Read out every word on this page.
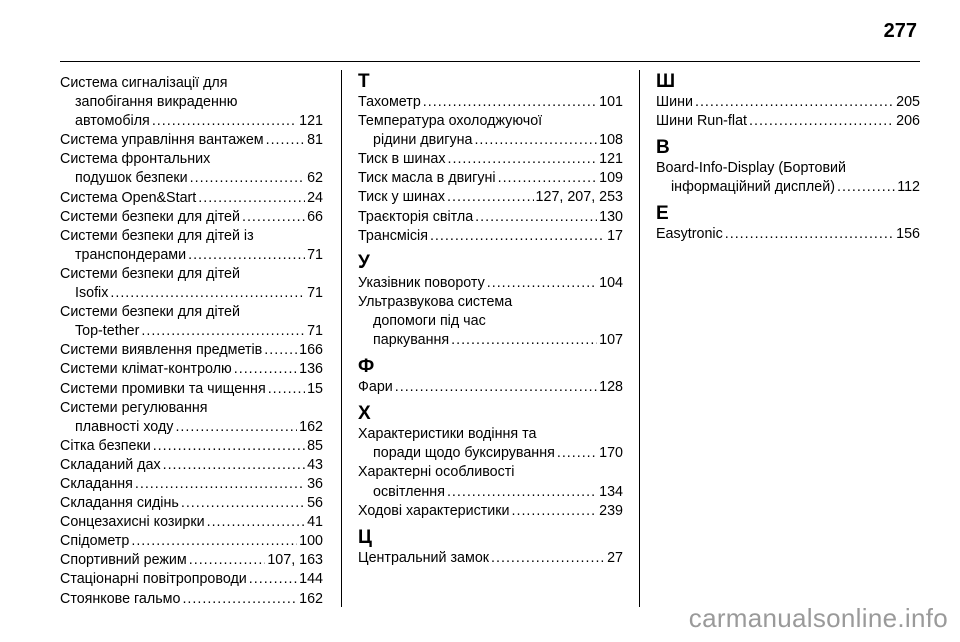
277
Система сигналізації для
запобігання викраденню
автомобіля .....	121
Система управління вантажем .....	81
Система фронтальних
подушок безпеки .....	62
Система Open&Start .....	24
Системи безпеки для дітей .....	66
Системи безпеки для дітей із
транспондерами .....	71
Системи безпеки для дітей
Isofix .....	71
Системи безпеки для дітей
Top-tether .....	71
Системи виявлення предметів .....	166
Системи клімат-контролю .....	136
Системи промивки та чищення .....	15
Системи регулювання
плавності ходу .....	162
Сітка безпеки .....	85
Складаний дах .....	43
Складання .....	36
Складання сидінь .....	56
Сонцезахисні козирки .....	41
Спідометр .....	100
Спортивний режим .....	107, 163
Стаціонарні повітропроводи .....	144
Стоянкове гальмо .....	162
Т
Тахометр .....	101
Температура охолоджуючої
рідини двигуна .....	108
Тиск в шинах .....	121
Тиск масла в двигуні .....	109
Тиск у шинах .....	127, 207, 253
Траєкторія світла .....	130
Трансмісія .....	17
У
Указівник повороту .....	104
Ультразвукова система
допомоги під час
паркування .....	107
Ф
Фари .....	128
Х
Характеристики водіння та
поради щодо буксирування .....	170
Характерні особливості
освітлення .....	134
Ходові характеристики .....	239
Ц
Центральний замок .....	27
Ш
Шини .....	205
Шини Run-flat .....	206
B
Board-Info-Display (Бортовий
інформаційний дисплей) .....	112
E
Easytronic .....	156
carmanualsonline.info
